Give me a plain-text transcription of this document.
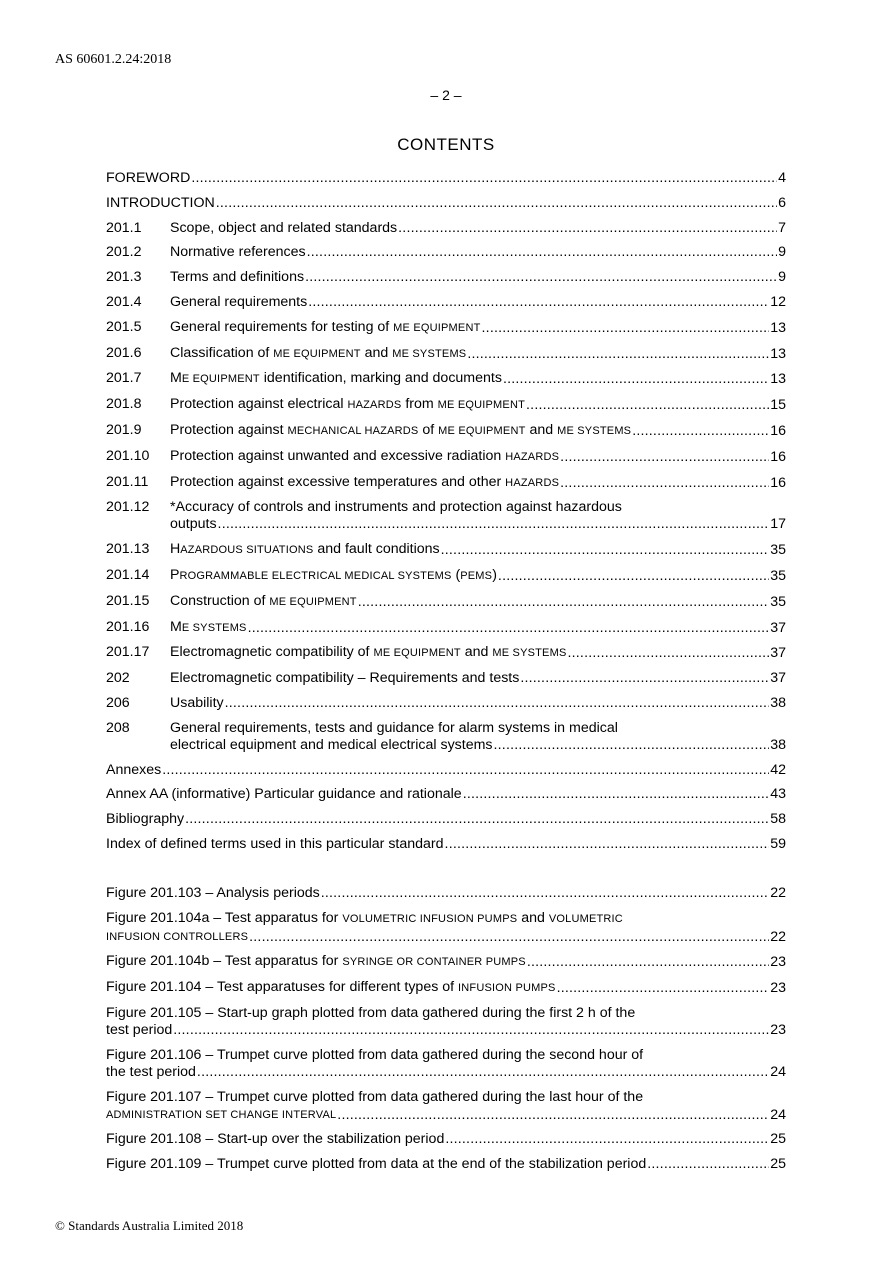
AS 60601.2.24:2018
– 2 –
CONTENTS
FOREWORD .....	4
INTRODUCTION .....	6
201.1	Scope, object and related standards .....	7
201.2	Normative references .....	9
201.3	Terms and definitions .....	9
201.4	General requirements .....	12
201.5	General requirements for testing of ME EQUIPMENT .....	13
201.6	Classification of ME EQUIPMENT and ME SYSTEMS .....	13
201.7	ME EQUIPMENT identification, marking and documents .....	13
201.8	Protection against electrical HAZARDS from ME EQUIPMENT .....	15
201.9	Protection against MECHANICAL HAZARDS of ME EQUIPMENT and ME SYSTEMS .....	16
201.10	Protection against unwanted and excessive radiation HAZARDS .....	16
201.11	Protection against excessive temperatures and other HAZARDS .....	16
201.12	*Accuracy of controls and instruments and protection against hazardous
outputs .....	17
201.13	HAZARDOUS SITUATIONS and fault conditions .....	35
201.14	PROGRAMMABLE ELECTRICAL MEDICAL SYSTEMS (PEMS) .....	35
201.15	Construction of ME EQUIPMENT .....	35
201.16	ME SYSTEMS .....	37
201.17	Electromagnetic compatibility of ME EQUIPMENT and ME SYSTEMS .....	37
202	Electromagnetic compatibility – Requirements and tests .....	37
206	Usability .....	38
208	General requirements, tests and guidance for alarm systems in medical
electrical equipment and medical electrical systems .....	38
Annexes .....	42
Annex AA (informative) Particular guidance and rationale .....	43
Bibliography .....	58
Index of defined terms used in this particular standard .....	59
Figure 201.103 – Analysis periods .....	22
Figure 201.104a – Test apparatus for VOLUMETRIC INFUSION PUMPS and VOLUMETRIC
INFUSION CONTROLLERS .....	22
Figure 201.104b – Test apparatus for SYRINGE OR CONTAINER PUMPS .....	23
Figure 201.104 – Test apparatuses for different types of INFUSION PUMPS .....	23
Figure 201.105 – Start-up graph plotted from data gathered during the first 2 h of the
test period .....	23
Figure 201.106 – Trumpet curve plotted from data gathered during the second hour of
the test period .....	24
Figure 201.107 – Trumpet curve plotted from data gathered during the last hour of the
ADMINISTRATION SET CHANGE INTERVAL .....	24
Figure 201.108 – Start-up over the stabilization period .....	25
Figure 201.109 – Trumpet curve plotted from data at the end of the stabilization period .....	25
© Standards Australia Limited 2018
